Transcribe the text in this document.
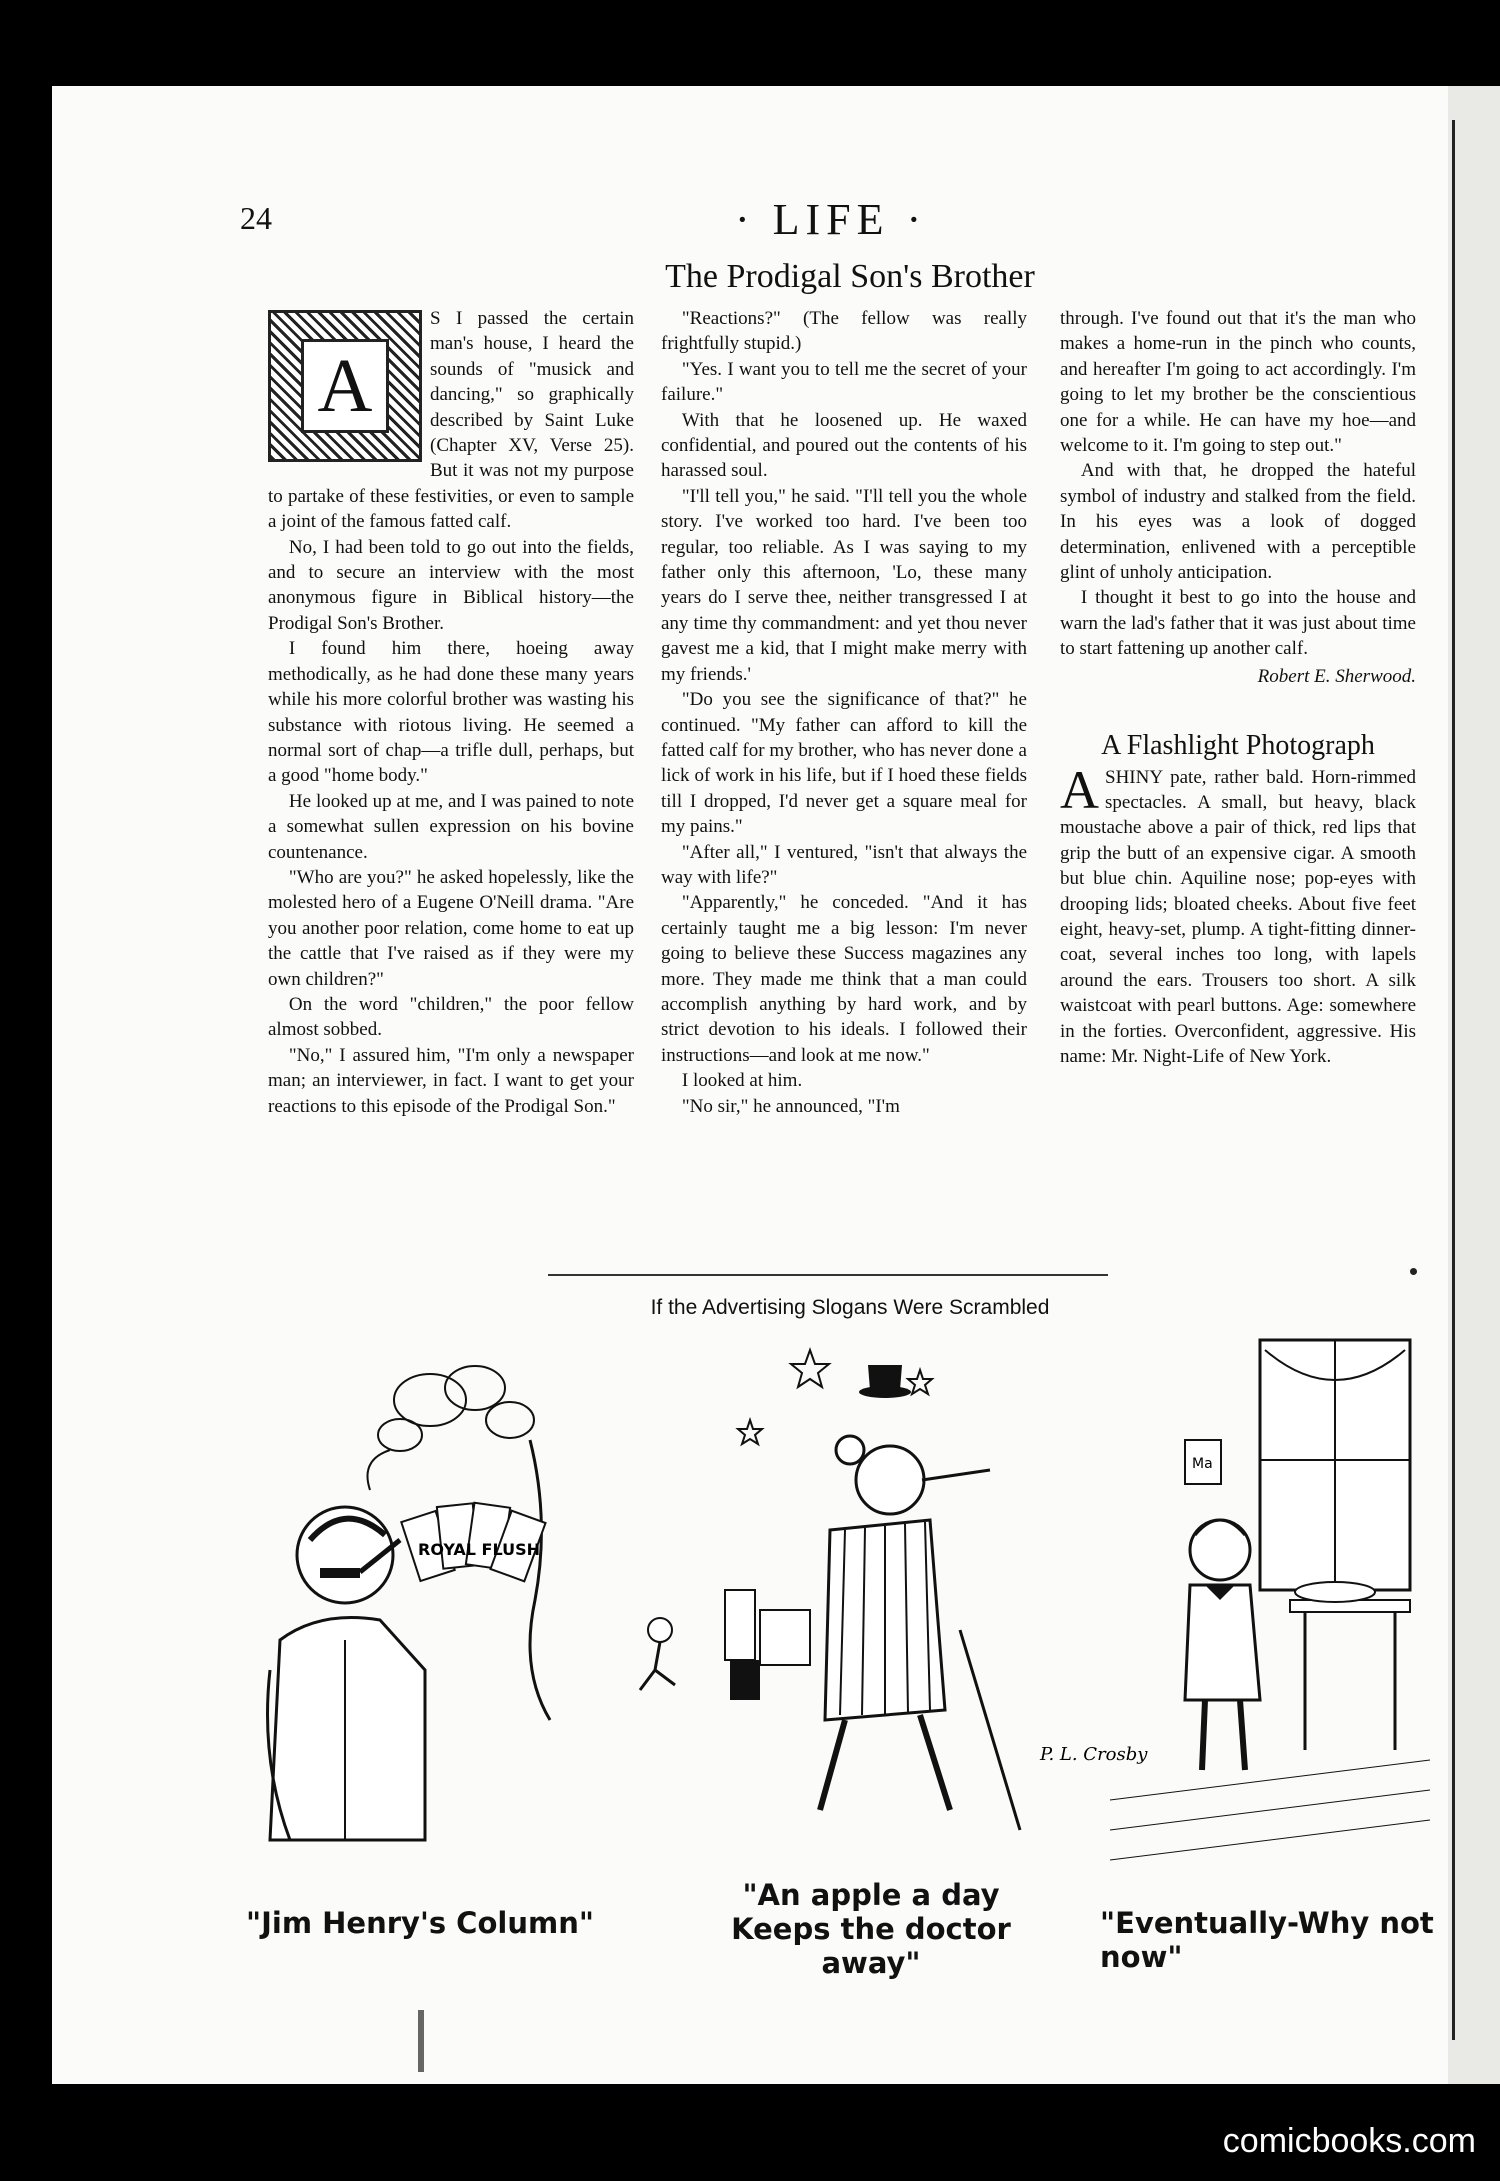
24	· LIFE ·
The Prodigal Son's Brother
A

S I passed the certain man's house, I heard the sounds of "musick and dancing," so graphically described by Saint Luke (Chapter XV, Verse 25). But it was not my purpose to partake of these festivities, or even to sample a joint of the famous fatted calf.

No, I had been told to go out into the fields, and to secure an interview with the most anonymous figure in Biblical history—the Prodigal Son's Brother.

I found him there, hoeing away methodically, as he had done these many years while his more colorful brother was wasting his substance with riotous living. He seemed a normal sort of chap—a trifle dull, perhaps, but a good "home body."

He looked up at me, and I was pained to note a somewhat sullen expression on his bovine countenance.

"Who are you?" he asked hopelessly, like the molested hero of a Eugene O'Neill drama. "Are you another poor relation, come home to eat up the cattle that I've raised as if they were my own children?"

On the word "children," the poor fellow almost sobbed.

"No," I assured him, "I'm only a newspaper man; an interviewer, in fact. I want to get your reactions to this episode of the Prodigal Son."

"Reactions?" (The fellow was really frightfully stupid.)

"Yes. I want you to tell me the secret of your failure."

With that he loosened up. He waxed confidential, and poured out the contents of his harassed soul.

"I'll tell you," he said. "I'll tell you the whole story. I've worked too hard. I've been too regular, too reliable. As I was saying to my father only this afternoon, 'Lo, these many years do I serve thee, neither transgressed I at any time thy commandment: and yet thou never gavest me a kid, that I might make merry with my friends.'

"Do you see the significance of that?" he continued. "My father can afford to kill the fatted calf for my brother, who has never done a lick of work in his life, but if I hoed these fields till I dropped, I'd never get a square meal for my pains."

"After all," I ventured, "isn't that always the way with life?"

"Apparently," he conceded. "And it has certainly taught me a big lesson: I'm never going to believe these Success magazines any more. They made me think that a man could accomplish anything by hard work, and by strict devotion to his ideals. I followed their instructions—and look at me now."

I looked at him.

"No sir," he announced, "I'm

through. I've found out that it's the man who makes a home-run in the pinch who counts, and hereafter I'm going to act accordingly. I'm going to let my brother be the conscientious one for a while. He can have my hoe—and welcome to it. I'm going to step out."

And with that, he dropped the hateful symbol of industry and stalked from the field. In his eyes was a look of dogged determination, enlivened with a perceptible glint of unholy anticipation.

I thought it best to go into the house and warn the lad's father that it was just about time to start fattening up another calf.

Robert E. Sherwood.
A Flashlight Photograph

ASHINY pate, rather bald. Horn-rimmed spectacles. A small, but heavy, black moustache above a pair of thick, red lips that grip the butt of an expensive cigar. A smooth but blue chin. Aquiline nose; pop-eyes with drooping lids; bloated cheeks. About five feet eight, heavy-set, plump. A tight-fitting dinner-coat, several inches too long, with lapels around the ears. Trousers too short. A silk waistcoat with pearl buttons. Age: somewhere in the forties. Overconfident, aggressive. His name: Mr. Night-Life of New York.

If the Advertising Slogans Were Scrambled
ROYAL FLUSH
Ma
P. L. Crosby
"Jim Henry's Column"
"An apple a day
Keeps the doctor away"
"Eventually-Why not now"
comicbooks.com
